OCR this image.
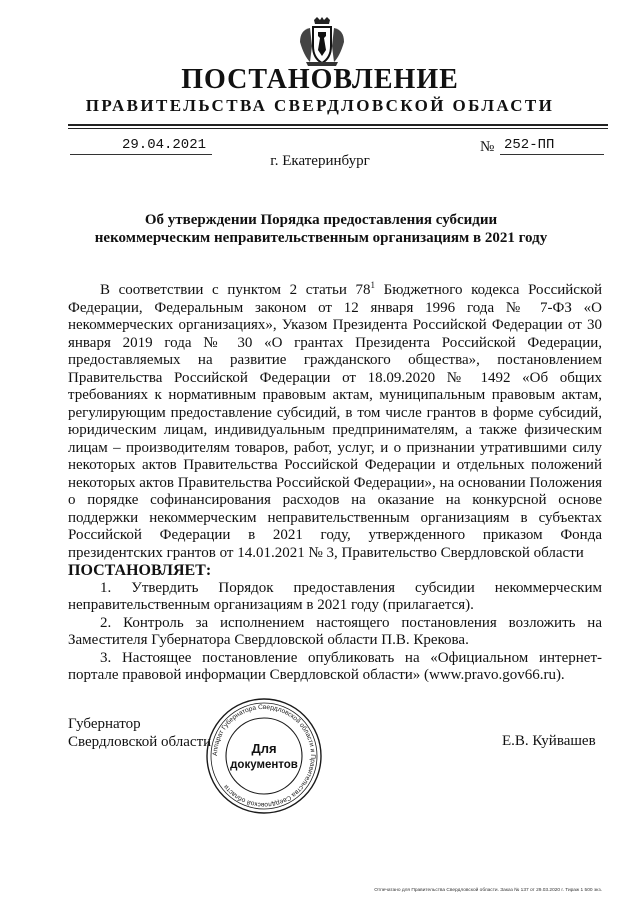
ПОСТАНОВЛЕНИЕ
ПРАВИТЕЛЬСТВА СВЕРДЛОВСКОЙ ОБЛАСТИ
29.04.2021	№ 252-ПП
г. Екатеринбург
Об утверждении Порядка предоставления субсидии некоммерческим неправительственным организациям в 2021 году

В соответствии с пунктом 2 статьи $78^1$ Бюджетного кодекса Российской Федерации, Федеральным законом от 12 января 1996 года № 7-ФЗ «О некоммерческих организациях», Указом Президента Российской Федерации от 30 января 2019 года № 30 «О грантах Президента Российской Федерации, предоставляемых на развитие гражданского общества», постановлением Правительства Российской Федерации от 18.09.2020 № 1492 «Об общих требованиях к нормативным правовым актам, муниципальным правовым актам, регулирующим предоставление субсидий, в том числе грантов в форме субсидий, юридическим лицам, индивидуальным предпринимателям, а также физическим лицам – производителям товаров, работ, услуг, и о признании утратившими силу некоторых актов Правительства Российской Федерации и отдельных положений некоторых актов Правительства Российской Федерации», на основании Положения о порядке софинансирования расходов на оказание на конкурсной основе поддержки некоммерческим неправительственным организациям в субъектах Российской Федерации в 2021 году, утвержденного приказом Фонда президентских грантов от 14.01.2021 № 3, Правительство Свердловской области

ПОСТАНОВЛЯЕТ:

1. Утвердить Порядок предоставления субсидии некоммерческим неправительственным организациям в 2021 году (прилагается).

2. Контроль за исполнением настоящего постановления возложить на Заместителя Губернатора Свердловской области П.В. Крекова.

3. Настоящее постановление опубликовать на «Официальном интернет-портале правовой информации Свердловской области» (www.pravo.gov66.ru).

Губернатор
Свердловской области	Е.В. Куйвашев
Аппарат Губернатора Свердловской области и Правительства Свердловской области
Для
документов
Отпечатано для Правительства Свердловской области. Заказ № 137 от 29.03.2020 г. Тираж 1 500 экз.
